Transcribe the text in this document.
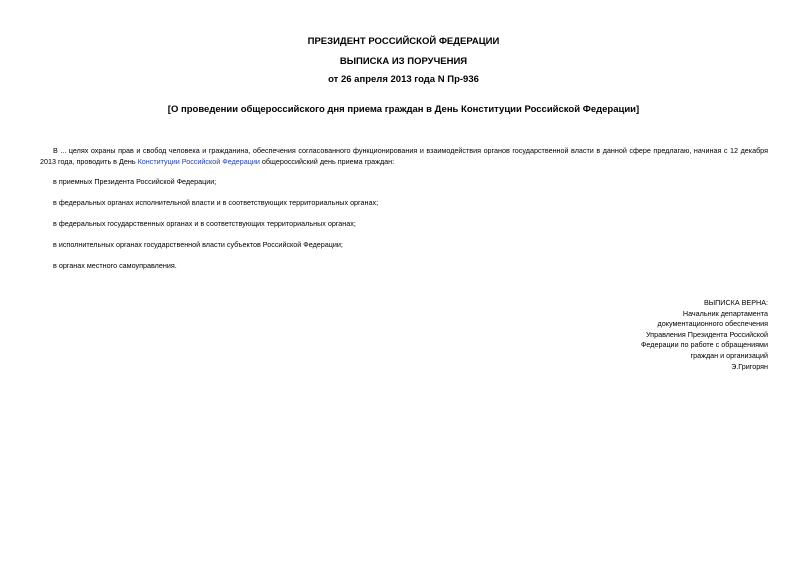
ПРЕЗИДЕНТ РОССИЙСКОЙ ФЕДЕРАЦИИ
ВЫПИСКА ИЗ ПОРУЧЕНИЯ
от 26 апреля 2013 года N Пр-936
[О проведении общероссийского дня приема граждан в День Конституции Российской Федерации]
В ... целях охраны прав и свобод человека и гражданина, обеспечения согласованного функционирования и взаимодействия органов государственной власти в данной сфере предлагаю, начиная с 12 декабря 2013 года, проводить в День Конституции Российской Федерации общероссийский день приема граждан:
в приемных Президента Российской Федерации;
в федеральных органах исполнительной власти и в соответствующих территориальных органах;
в федеральных государственных органах и в соответствующих территориальных органах;
в исполнительных органах государственной власти субъектов Российской Федерации;
в органах местного самоуправления.
ВЫПИСКА ВЕРНА:
Начальник департамента
документационного обеспечения
Управления Президента Российской
Федерации по работе с обращениями
граждан и организаций
Э.Григорян
